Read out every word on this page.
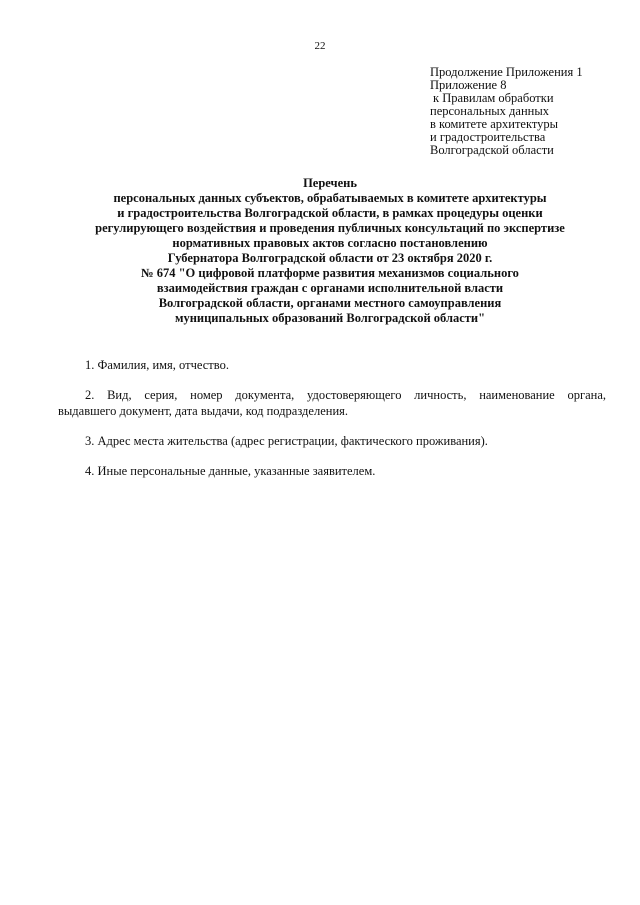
22
Продолжение Приложения 1
Приложение 8
к Правилам обработки
персональных данных
в комитете архитектуры
и градостроительства
Волгоградской области
Перечень
персональных данных субъектов, обрабатываемых в комитете архитектуры
и градостроительства Волгоградской области, в рамках процедуры оценки
регулирующего воздействия и проведения публичных консультаций по экспертизе
нормативных правовых актов согласно постановлению
Губернатора Волгоградской области от 23 октября 2020 г.
№ 674 "О цифровой платформе развития механизмов социального
взаимодействия граждан с органами исполнительной власти
Волгоградской области, органами местного самоуправления
муниципальных образований Волгоградской области"
1. Фамилия, имя, отчество.
2. Вид, серия, номер документа, удостоверяющего личность, наименование органа,
выдавшего документ, дата выдачи, код подразделения.
3. Адрес места жительства (адрес регистрации, фактического проживания).
4. Иные персональные данные, указанные заявителем.
